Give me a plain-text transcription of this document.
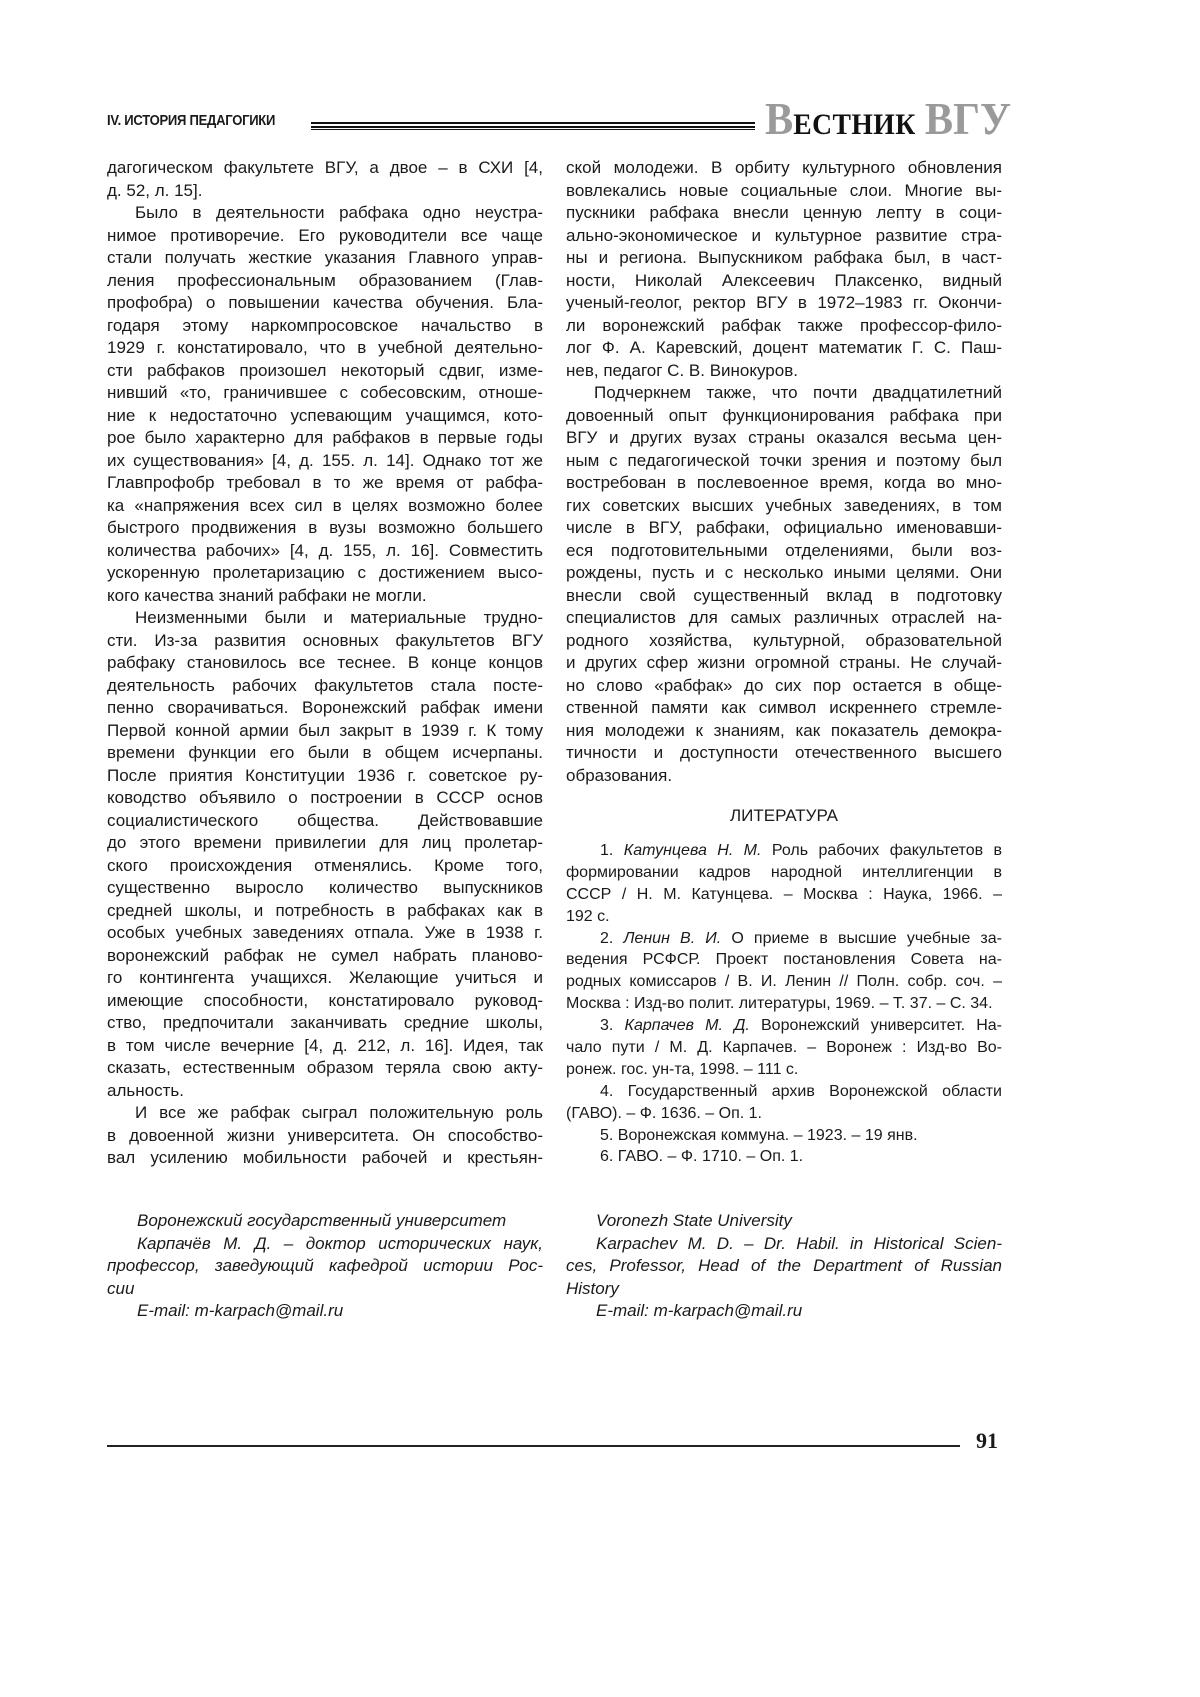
IV. ИСТОРИЯ ПЕДАГОГИКИ	ВЕСТНИК ВГУ
дагогическом факультете ВГУ, а двое – в СХИ [4,
д. 52, л. 15].
Было в деятельности рабфака одно неустра-
нимое противоречие. Его руководители все чаще
стали получать жесткие указания Главного управ-
ления профессиональным образованием (Глав-
профобра) о повышении качества обучения. Бла-
годаря этому наркомпросовское начальство в
1929 г. констатировало, что в учебной деятельно-
сти рабфаков произошел некоторый сдвиг, изме-
нивший «то, граничившее с собесовским, отноше-
ние к недостаточно успевающим учащимся, кото-
рое было характерно для рабфаков в первые годы
их существования» [4, д. 155. л. 14]. Однако тот же
Главпрофобр требовал в то же время от рабфа-
ка «напряжения всех сил в целях возможно более
быстрого продвижения в вузы возможно большего
количества рабочих» [4, д. 155, л. 16]. Совместить
ускоренную пролетаризацию с достижением высо-
кого качества знаний рабфаки не могли.
Неизменными были и материальные трудно-
сти. Из-за развития основных факультетов ВГУ
рабфаку становилось все теснее. В конце концов
деятельность рабочих факультетов стала посте-
пенно сворачиваться. Воронежский рабфак имени
Первой конной армии был закрыт в 1939 г. К тому
времени функции его были в общем исчерпаны.
После приятия Конституции 1936 г. советское ру-
ководство объявило о построении в СССР основ
социалистического общества. Действовавшие
до этого времени привилегии для лиц пролетар-
ского происхождения отменялись. Кроме того,
существенно выросло количество выпускников
средней школы, и потребность в рабфаках как в
особых учебных заведениях отпала. Уже в 1938 г.
воронежский рабфак не сумел набрать планово-
го контингента учащихся. Желающие учиться и
имеющие способности, констатировало руковод-
ство, предпочитали заканчивать средние школы,
в том числе вечерние [4, д. 212, л. 16]. Идея, так
сказать, естественным образом теряла свою акту-
альность.
И все же рабфак сыграл положительную роль
в довоенной жизни университета. Он способство-
вал усилению мобильности рабочей и крестьян-
ской молодежи. В орбиту культурного обновления
вовлекались новые социальные слои. Многие вы-
пускники рабфака внесли ценную лепту в соци-
ально-экономическое и культурное развитие стра-
ны и региона. Выпускником рабфака был, в част-
ности, Николай Алексеевич Плаксенко, видный
ученый-геолог, ректор ВГУ в 1972–1983 гг. Окончи-
ли воронежский рабфак также профессор-фило-
лог Ф. А. Каревский, доцент математик Г. С. Паш-
нев, педагог С. В. Винокуров.
Подчеркнем также, что почти двадцатилетний
довоенный опыт функционирования рабфака при
ВГУ и других вузах страны оказался весьма цен-
ным с педагогической точки зрения и поэтому был
востребован в послевоенное время, когда во мно-
гих советских высших учебных заведениях, в том
числе в ВГУ, рабфаки, официально именовавши-
еся подготовительными отделениями, были воз-
рождены, пусть и с несколько иными целями. Они
внесли свой существенный вклад в подготовку
специалистов для самых различных отраслей на-
родного хозяйства, культурной, образовательной
и других сфер жизни огромной страны. Не случай-
но слово «рабфак» до сих пор остается в обще-
ственной памяти как символ искреннего стремле-
ния молодежи к знаниям, как показатель демокра-
тичности и доступности отечественного высшего
образования.
ЛИТЕРАТУРА
1. Катунцева Н. М. Роль рабочих факультетов в
формировании кадров народной интеллигенции в
СССР / Н. М. Катунцева. – Москва : Наука, 1966. –
192 с.
2. Ленин В. И. О приеме в высшие учебные за-
ведения РСФСР. Проект постановления Совета на-
родных комиссаров / В. И. Ленин // Полн. собр. соч. –
Москва : Изд-во полит. литературы, 1969. – Т. 37. – С. 34.
3. Карпачев М. Д. Воронежский университет. На-
чало пути / М. Д. Карпачев. – Воронеж : Изд-во Во-
ронеж. гос. ун-та, 1998. – 111 с.
4. Государственный архив Воронежской области
(ГАВО). – Ф. 1636. – Оп. 1.
5. Воронежская коммуна. – 1923. – 19 янв.
6. ГАВО. – Ф. 1710. – Оп. 1.
Воронежский государственный университет
Карпачёв М. Д. – доктор исторических наук,
профессор, заведующий кафедрой истории Рос-
сии
E-mail: m-karpach@mail.ru
Voronezh State University
Karpachev M. D. – Dr. Habil. in Historical Scien-
ces, Professor, Head of the Department of Russian
History
E-mail: m-karpach@mail.ru
91
